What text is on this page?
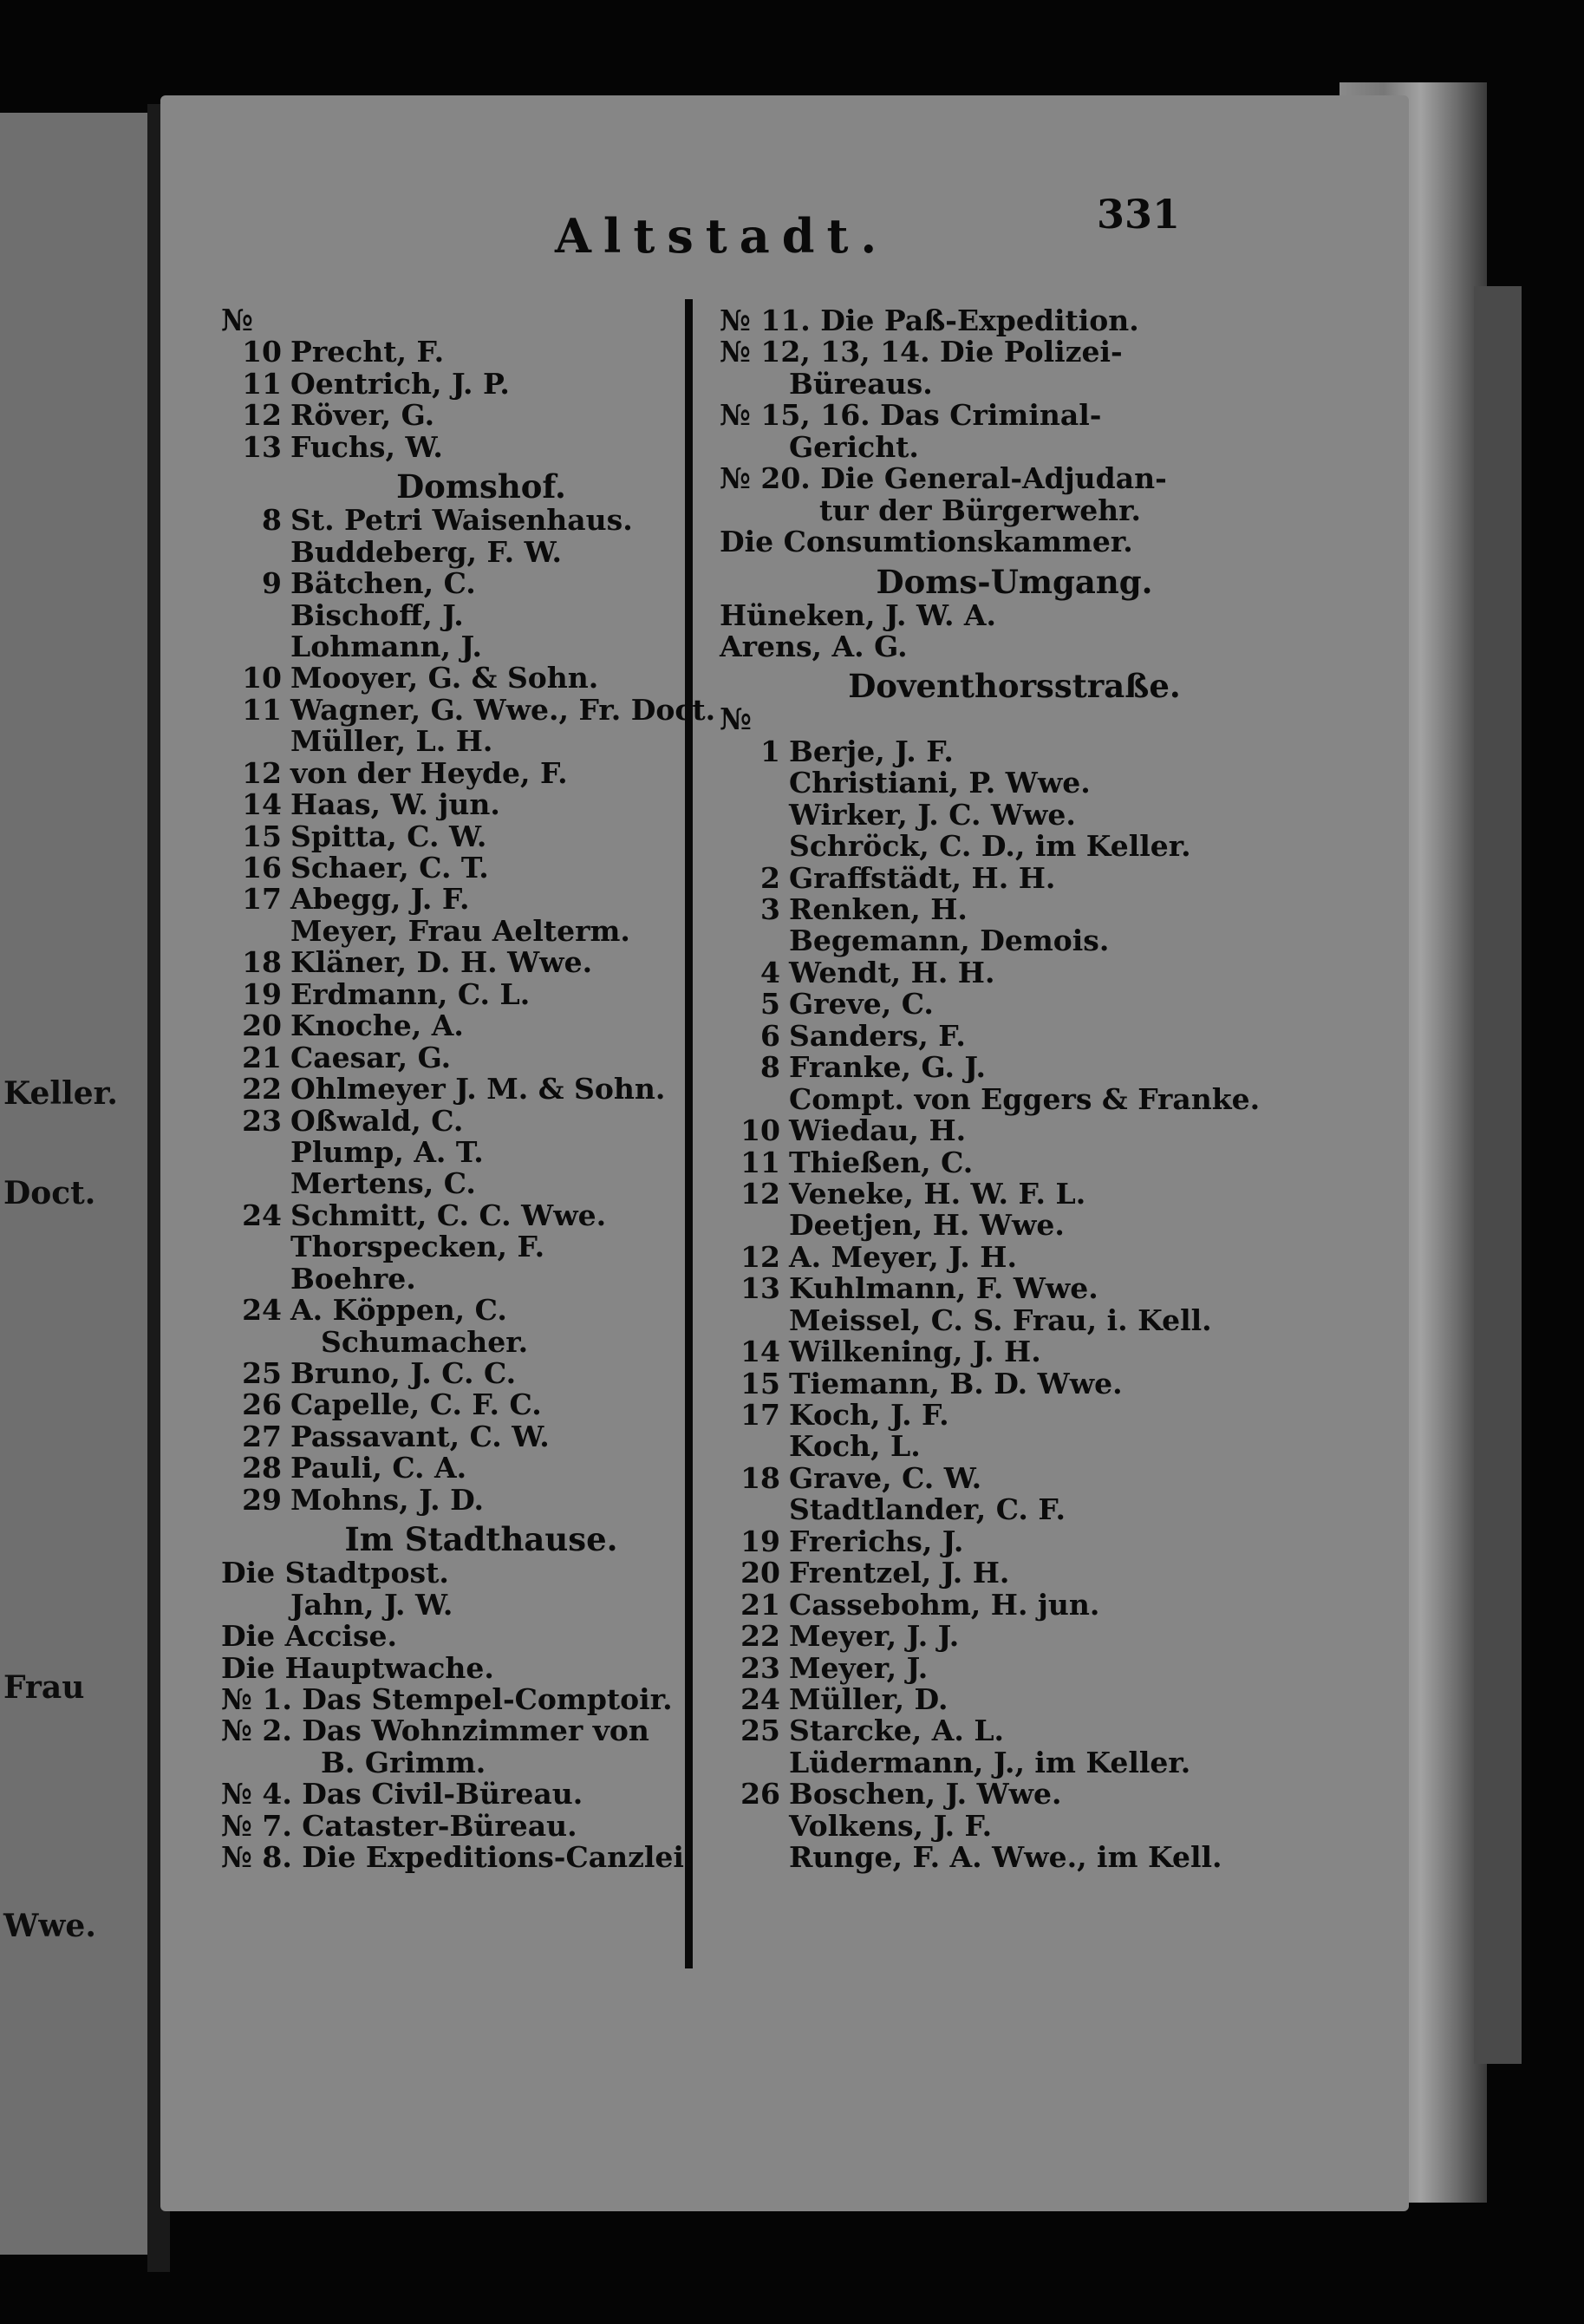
Keller.
Doct.
Frau
Wwe.
Altstadt.	331
№
10 Precht, F.
11 Oentrich, J. P.
12 Röver, G.
13 Fuchs, W.
Domshof.
8 St. Petri Waisenhaus.
Buddeberg, F. W.
9 Bätchen, C.
Bischoff, J.
Lohmann, J.
10 Mooyer, G. & Sohn.
11 Wagner, G. Wwe., Fr. Doct.
Müller, L. H.
12 von der Heyde, F.
14 Haas, W. jun.
15 Spitta, C. W.
16 Schaer, C. T.
17 Abegg, J. F.
Meyer, Frau Aelterm.
18 Kläner, D. H. Wwe.
19 Erdmann, C. L.
20 Knoche, A.
21 Caesar, G.
22 Ohlmeyer J. M. & Sohn.
23 Oßwald, C.
Plump, A. T.
Mertens, C.
24 Schmitt, C. C. Wwe.
Thorspecken, F.
Boehre.
24 A. Köppen, C.
Schumacher.
25 Bruno, J. C. C.
26 Capelle, C. F. C.
27 Passavant, C. W.
28 Pauli, C. A.
29 Mohns, J. D.
Im Stadthause.
Die Stadtpost.
Jahn, J. W.
Die Accise.
Die Hauptwache.
№ 1. Das Stempel-Comptoir.
№ 2. Das Wohnzimmer von
B. Grimm.
№ 4. Das Civil-Büreau.
№ 7. Cataster-Büreau.
№ 8. Die Expeditions-Canzlei.
№ 11. Die Paß-Expedition.
№ 12, 13, 14. Die Polizei-
Büreaus.
№ 15, 16. Das Criminal-
Gericht.
№ 20. Die General-Adjudan-
tur der Bürgerwehr.
Die Consumtionskammer.
Doms-Umgang.
Hüneken, J. W. A.
Arens, A. G.
Doventhorsstraße.
№
1 Berje, J. F.
Christiani, P. Wwe.
Wirker, J. C. Wwe.
Schröck, C. D., im Keller.
2 Graffstädt, H. H.
3 Renken, H.
Begemann, Demois.
4 Wendt, H. H.
5 Greve, C.
6 Sanders, F.
8 Franke, G. J.
Compt. von Eggers & Franke.
10 Wiedau, H.
11 Thießen, C.
12 Veneke, H. W. F. L.
Deetjen, H. Wwe.
12 A. Meyer, J. H.
13 Kuhlmann, F. Wwe.
Meissel, C. S. Frau, i. Kell.
14 Wilkening, J. H.
15 Tiemann, B. D. Wwe.
17 Koch, J. F.
Koch, L.
18 Grave, C. W.
Stadtlander, C. F.
19 Frerichs, J.
20 Frentzel, J. H.
21 Cassebohm, H. jun.
22 Meyer, J. J.
23 Meyer, J.
24 Müller, D.
25 Starcke, A. L.
Lüdermann, J., im Keller.
26 Boschen, J. Wwe.
Volkens, J. F.
Runge, F. A. Wwe., im Kell.
